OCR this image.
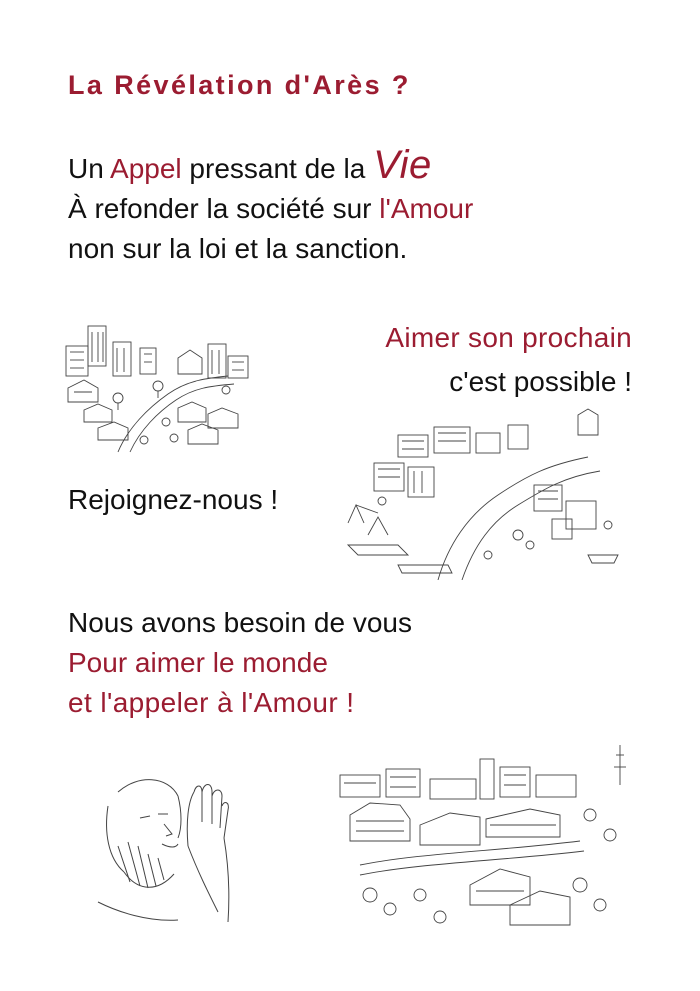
La Révélation d'Arès ?
Un Appel pressant de la Vie
À refonder la société sur l'Amour
non sur la loi et la sanction.
Aimer son prochain
c'est possible !
Rejoignez-nous !
Nous avons besoin de vous
Pour aimer le monde
et l'appeler à l'Amour !
